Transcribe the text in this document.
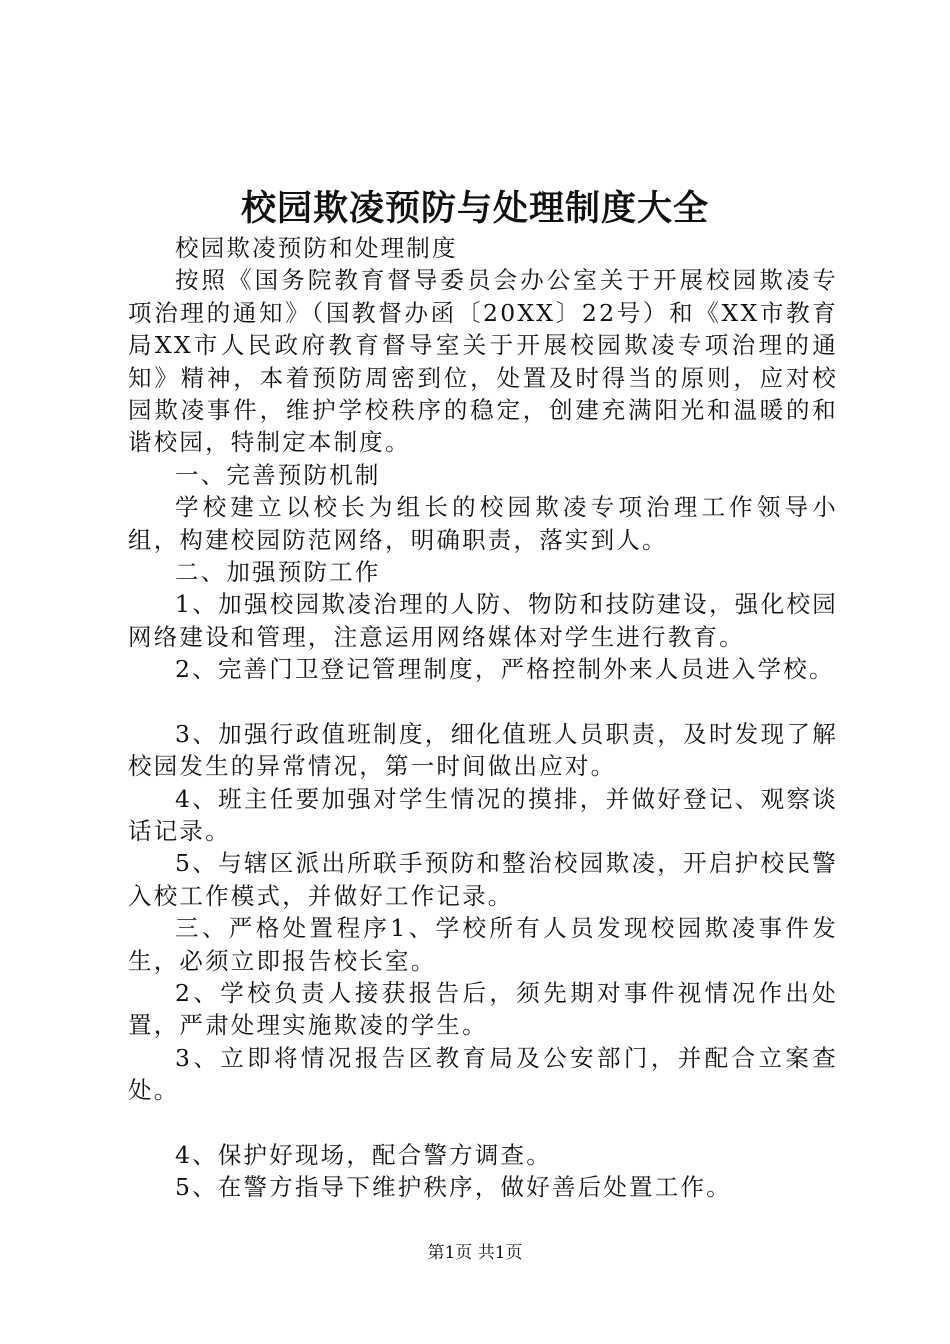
校园欺凌预防与处理制度大全

校园欺凌预防和处理制度

按照《国务院教育督导委员会办公室关于开展校园欺凌专项治理的通知》（国教督办函〔20XX〕22号）和《XX市教育局XX市人民政府教育督导室关于开展校园欺凌专项治理的通知》精神，本着预防周密到位，处置及时得当的原则，应对校园欺凌事件，维护学校秩序的稳定，创建充满阳光和温暖的和谐校园，特制定本制度。

一、完善预防机制

学校建立以校长为组长的校园欺凌专项治理工作领导小组，构建校园防范网络，明确职责，落实到人。

二、加强预防工作

1、加强校园欺凌治理的人防、物防和技防建设，强化校园网络建设和管理，注意运用网络媒体对学生进行教育。

2、完善门卫登记管理制度，严格控制外来人员进入学校。

3、加强行政值班制度，细化值班人员职责，及时发现了解校园发生的异常情况，第一时间做出应对。

4、班主任要加强对学生情况的摸排，并做好登记、观察谈话记录。

5、与辖区派出所联手预防和整治校园欺凌，开启护校民警入校工作模式，并做好工作记录。

三、严格处置程序1、学校所有人员发现校园欺凌事件发生，必须立即报告校长室。

2、学校负责人接获报告后，须先期对事件视情况作出处置，严肃处理实施欺凌的学生。

3、立即将情况报告区教育局及公安部门，并配合立案查处。

4、保护好现场，配合警方调查。

5、在警方指导下维护秩序，做好善后处置工作。

第1页 共1页
